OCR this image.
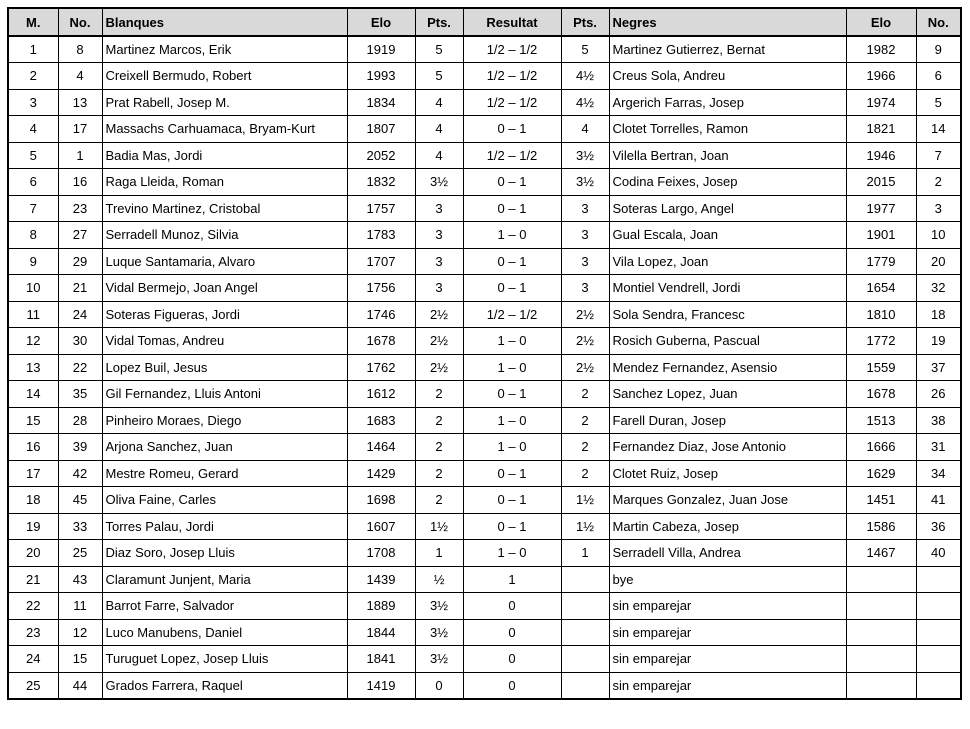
M.	No.	Blanques	Elo	Pts.	Resultat	Pts.	Negres	Elo	No.
1	8	Martinez Marcos, Erik	1919	5	1/2 – 1/2	5	Martinez Gutierrez, Bernat	1982	9
2	4	Creixell Bermudo, Robert	1993	5	1/2 – 1/2	4½	Creus Sola, Andreu	1966	6
3	13	Prat Rabell, Josep M.	1834	4	1/2 – 1/2	4½	Argerich Farras, Josep	1974	5
4	17	Massachs Carhuamaca, Bryam-Kurt	1807	4	0 – 1	4	Clotet Torrelles, Ramon	1821	14
5	1	Badia Mas, Jordi	2052	4	1/2 – 1/2	3½	Vilella Bertran, Joan	1946	7
6	16	Raga Lleida, Roman	1832	3½	0 – 1	3½	Codina Feixes, Josep	2015	2
7	23	Trevino Martinez, Cristobal	1757	3	0 – 1	3	Soteras Largo, Angel	1977	3
8	27	Serradell Munoz, Silvia	1783	3	1 – 0	3	Gual Escala, Joan	1901	10
9	29	Luque Santamaria, Alvaro	1707	3	0 – 1	3	Vila Lopez, Joan	1779	20
10	21	Vidal Bermejo, Joan Angel	1756	3	0 – 1	3	Montiel Vendrell, Jordi	1654	32
11	24	Soteras Figueras, Jordi	1746	2½	1/2 – 1/2	2½	Sola Sendra, Francesc	1810	18
12	30	Vidal Tomas, Andreu	1678	2½	1 – 0	2½	Rosich Guberna, Pascual	1772	19
13	22	Lopez Buil, Jesus	1762	2½	1 – 0	2½	Mendez Fernandez, Asensio	1559	37
14	35	Gil Fernandez, Lluis Antoni	1612	2	0 – 1	2	Sanchez Lopez, Juan	1678	26
15	28	Pinheiro Moraes, Diego	1683	2	1 – 0	2	Farell Duran, Josep	1513	38
16	39	Arjona Sanchez, Juan	1464	2	1 – 0	2	Fernandez Diaz, Jose Antonio	1666	31
17	42	Mestre Romeu, Gerard	1429	2	0 – 1	2	Clotet Ruiz, Josep	1629	34
18	45	Oliva Faine, Carles	1698	2	0 – 1	1½	Marques Gonzalez, Juan Jose	1451	41
19	33	Torres Palau, Jordi	1607	1½	0 – 1	1½	Martin Cabeza, Josep	1586	36
20	25	Diaz Soro, Josep Lluis	1708	1	1 – 0	1	Serradell Villa, Andrea	1467	40
21	43	Claramunt Junjent, Maria	1439	½	1		bye		
22	11	Barrot Farre, Salvador	1889	3½	0		sin emparejar		
23	12	Luco Manubens, Daniel	1844	3½	0		sin emparejar		
24	15	Turuguet Lopez, Josep Lluis	1841	3½	0		sin emparejar		
25	44	Grados Farrera, Raquel	1419	0	0		sin emparejar		
